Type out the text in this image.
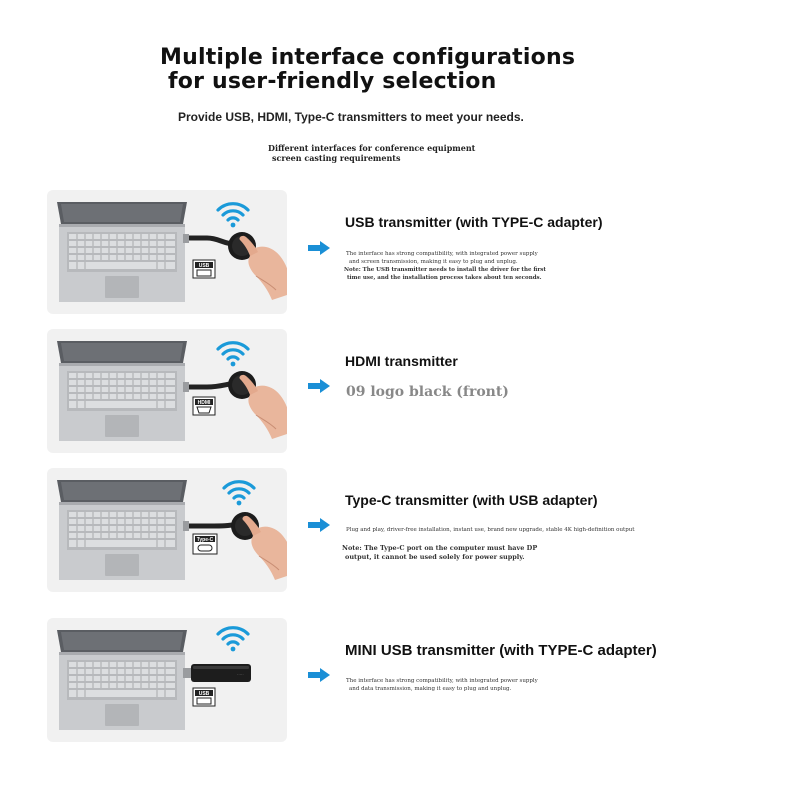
Multiple interface configurations
for user-friendly selection
Provide USB, HDMI, Type-C transmitters to meet your needs.
Different interfaces for conference equipment
screen casting requirements
USB
USB transmitter (with TYPE-C adapter)

The interface has strong compatibility, with integrated power supply

and screen transmission, making it easy to plug and unplug.

Note: The USB transmitter needs to install the driver for the first
time use, and the installation process takes about ten seconds.
HDMI
HDMI transmitter
09 logo black (front)
Type-C
Type-C transmitter (with USB adapter)

Plug and play, driver-free installation, instant use, brand new upgrade, stable 4K high-definition output

Note: The Type-C port on the computer must have DP
output, it cannot be used solely for power supply.
·····
USB
MINI USB transmitter (with TYPE-C adapter)

The interface has strong compatibility, with integrated power supply

and data transmission, making it easy to plug and unplug.
